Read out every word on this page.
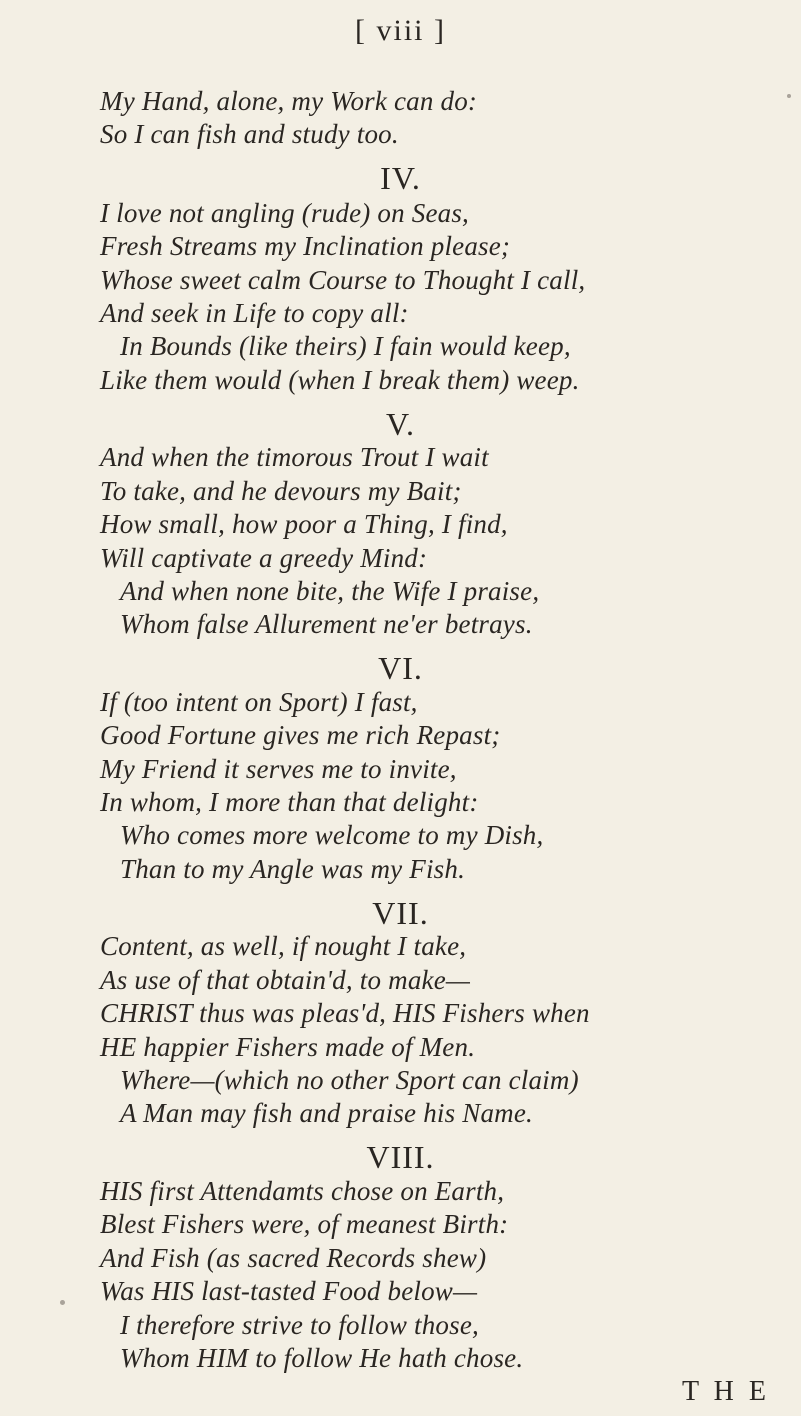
[ viii ]
My Hand, alone, my Work can do:
So I can fish and study too.
IV.
I love not angling (rude) on Seas,
Fresh Streams my Inclination please;
Whose sweet calm Course to Thought I call,
And seek in Life to copy all:
In Bounds (like theirs) I fain would keep,
Like them would (when I break them) weep.
V.
And when the timorous Trout I wait
To take, and he devours my Bait;
How small, how poor a Thing, I find,
Will captivate a greedy Mind:
And when none bite, the Wife I praise,
Whom false Allurement ne'er betrays.
VI.
If (too intent on Sport) I fast,
Good Fortune gives me rich Repast;
My Friend it serves me to invite,
In whom, I more than that delight:
Who comes more welcome to my Dish,
Than to my Angle was my Fish.
VII.
Content, as well, if nought I take,
As use of that obtain'd, to make—
CHRIST thus was pleas'd, HIS Fishers when
HE happier Fishers made of Men.
Where—(which no other Sport can claim)
A Man may fish and praise his Name.
VIII.
HIS first Attendamts chose on Earth,
Blest Fishers were, of meanest Birth:
And Fish (as sacred Records shew)
Was HIS last-tasted Food below—
I therefore strive to follow those,
Whom HIM to follow He hath chose.
T H E
